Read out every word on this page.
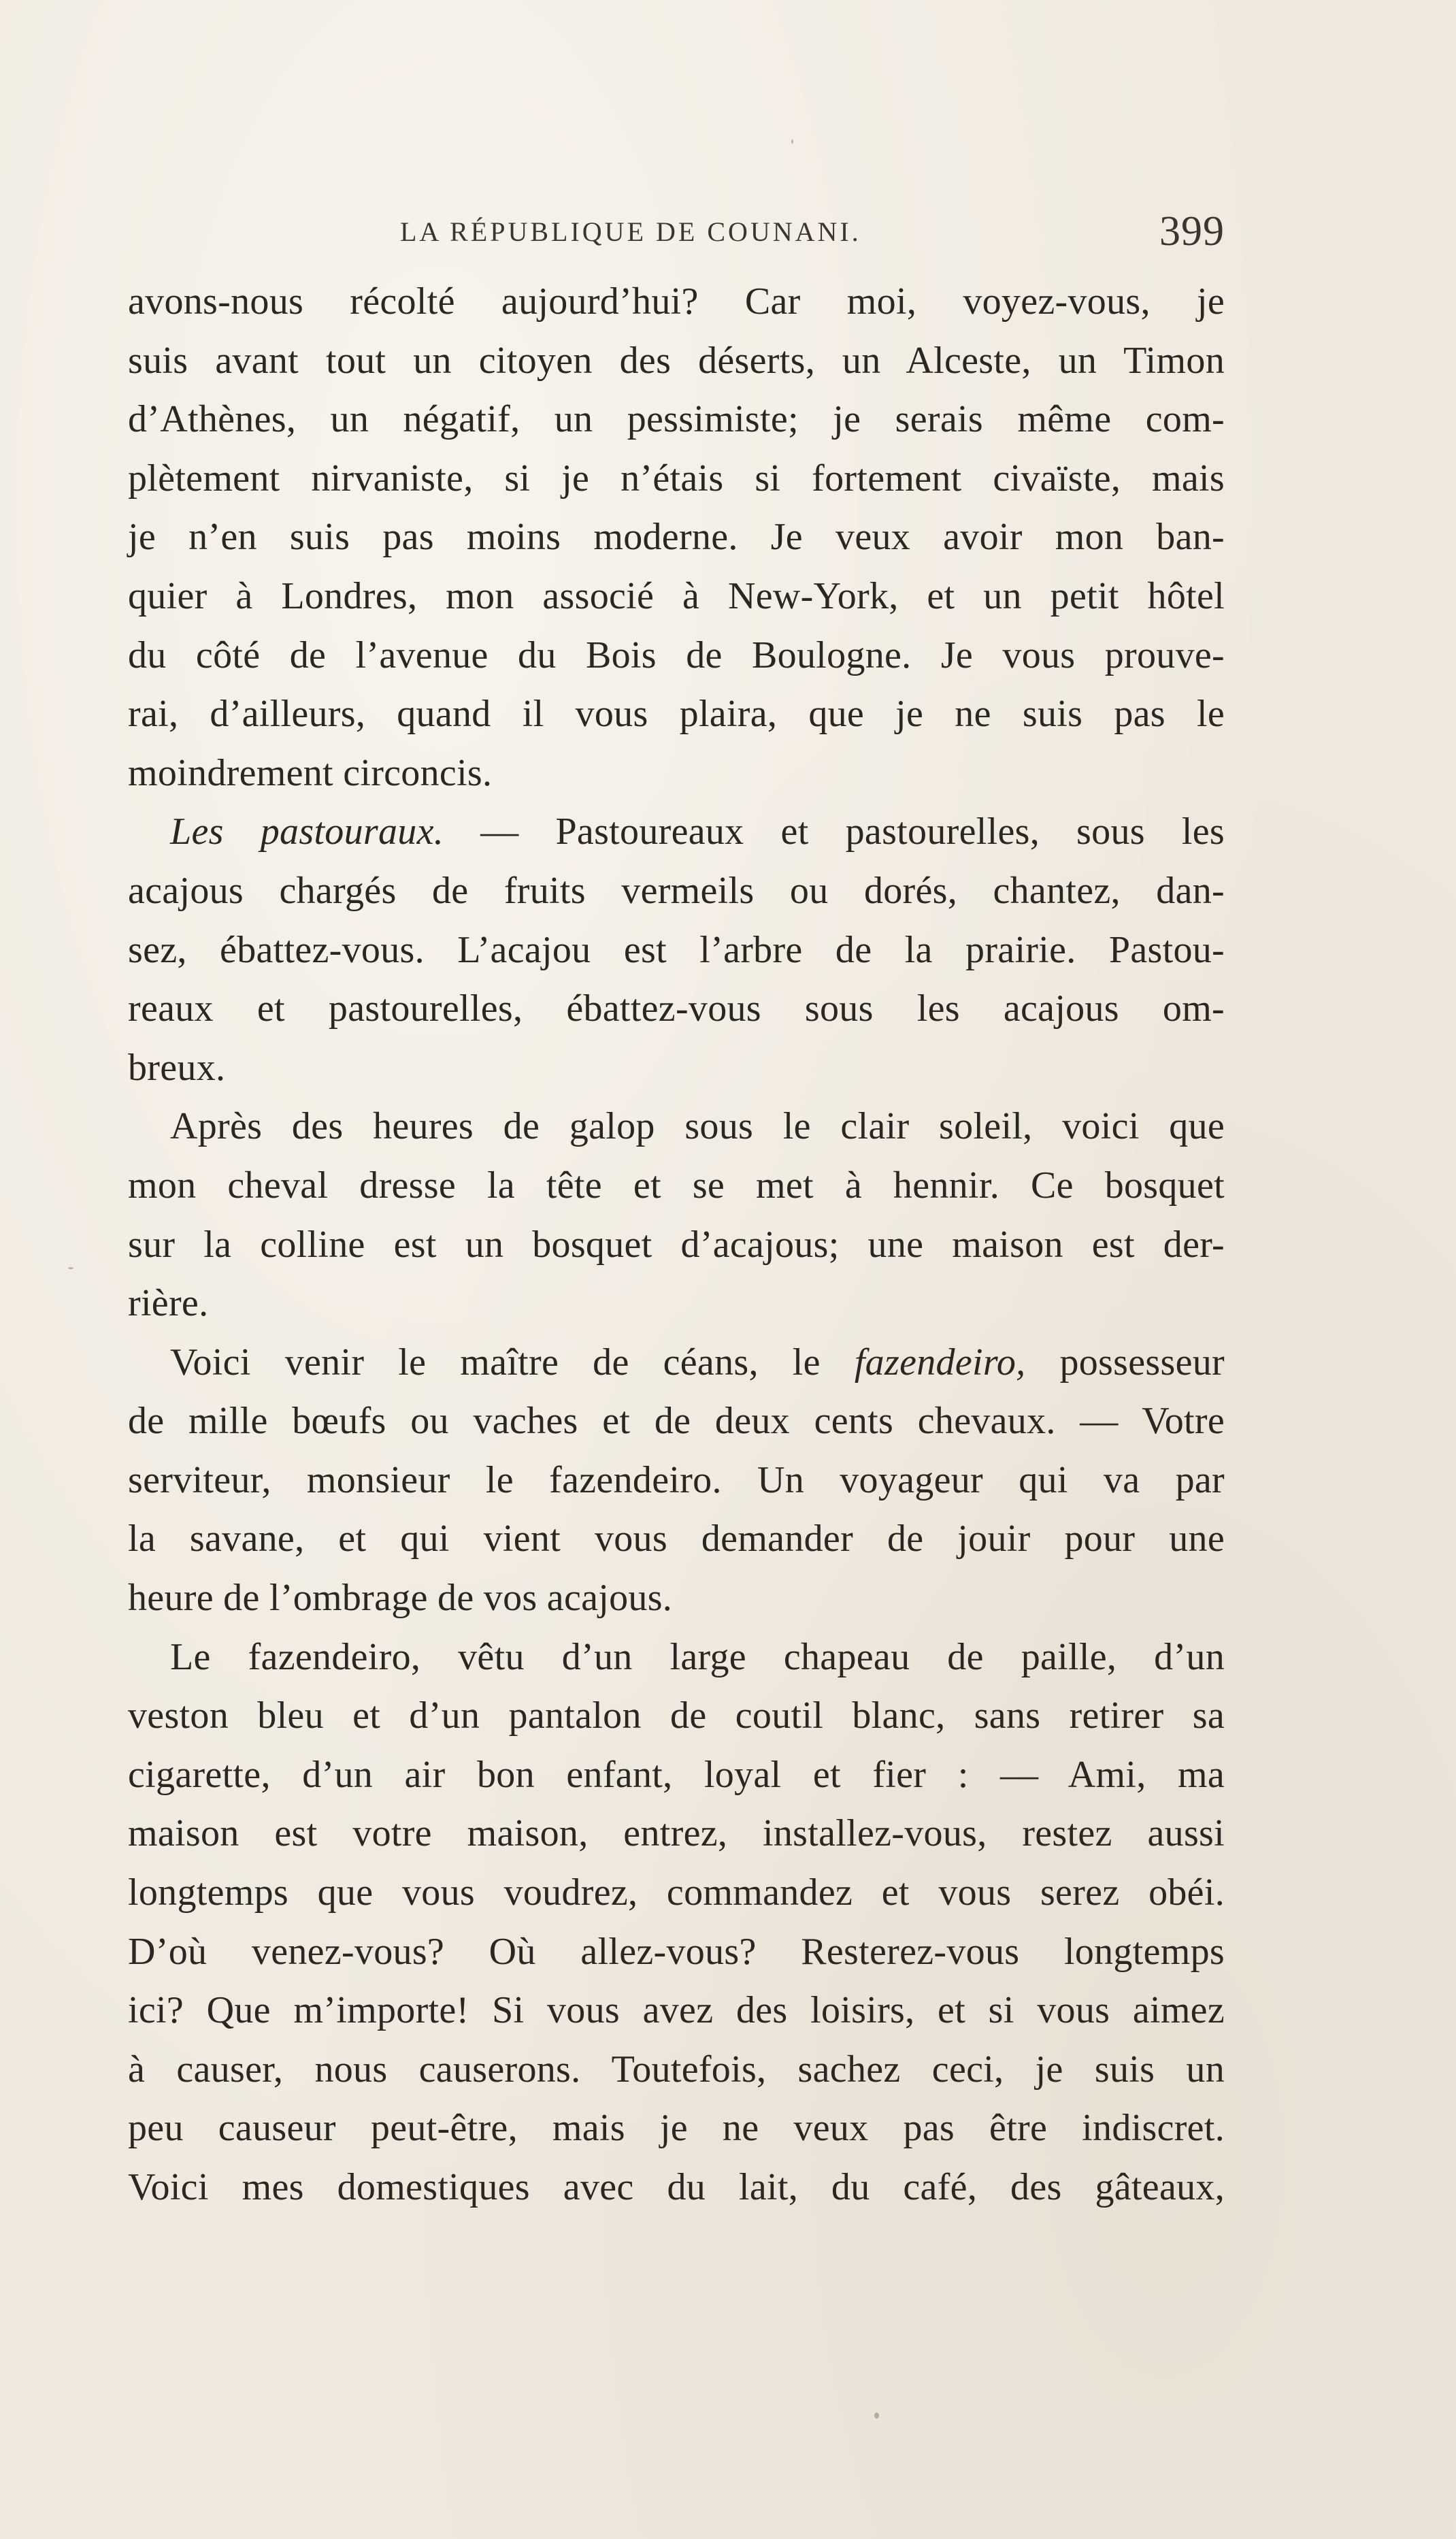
LA RÉPUBLIQUE DE COUNANI.	399
avons-nous récolté aujourd’hui? Car moi, voyez-vous, je
suis avant tout un citoyen des déserts, un Alceste, un Timon
d’Athènes, un négatif, un pessimiste; je serais même com-
plètement nirvaniste, si je n’étais si fortement civaïste, mais
je n’en suis pas moins moderne. Je veux avoir mon ban-
quier à Londres, mon associé à New-York, et un petit hôtel
du côté de l’avenue du Bois de Boulogne. Je vous prouve-
rai, d’ailleurs, quand il vous plaira, que je ne suis pas le
moindrement circoncis.
Les pastouraux. — Pastoureaux et pastourelles, sous les
acajous chargés de fruits vermeils ou dorés, chantez, dan-
sez, ébattez-vous. L’acajou est l’arbre de la prairie. Pastou-
reaux et pastourelles, ébattez-vous sous les acajous om-
breux.
Après des heures de galop sous le clair soleil, voici que
mon cheval dresse la tête et se met à hennir. Ce bosquet
sur la colline est un bosquet d’acajous; une maison est der-
rière.
Voici venir le maître de céans, le fazendeiro, possesseur
de mille bœufs ou vaches et de deux cents chevaux. — Votre
serviteur, monsieur le fazendeiro. Un voyageur qui va par
la savane, et qui vient vous demander de jouir pour une
heure de l’ombrage de vos acajous.
Le fazendeiro, vêtu d’un large chapeau de paille, d’un
veston bleu et d’un pantalon de coutil blanc, sans retirer sa
cigarette, d’un air bon enfant, loyal et fier : — Ami, ma
maison est votre maison, entrez, installez-vous, restez aussi
longtemps que vous voudrez, commandez et vous serez obéi.
D’où venez-vous? Où allez-vous? Resterez-vous longtemps
ici? Que m’importe! Si vous avez des loisirs, et si vous aimez
à causer, nous causerons. Toutefois, sachez ceci, je suis un
peu causeur peut-être, mais je ne veux pas être indiscret.
Voici mes domestiques avec du lait, du café, des gâteaux,
